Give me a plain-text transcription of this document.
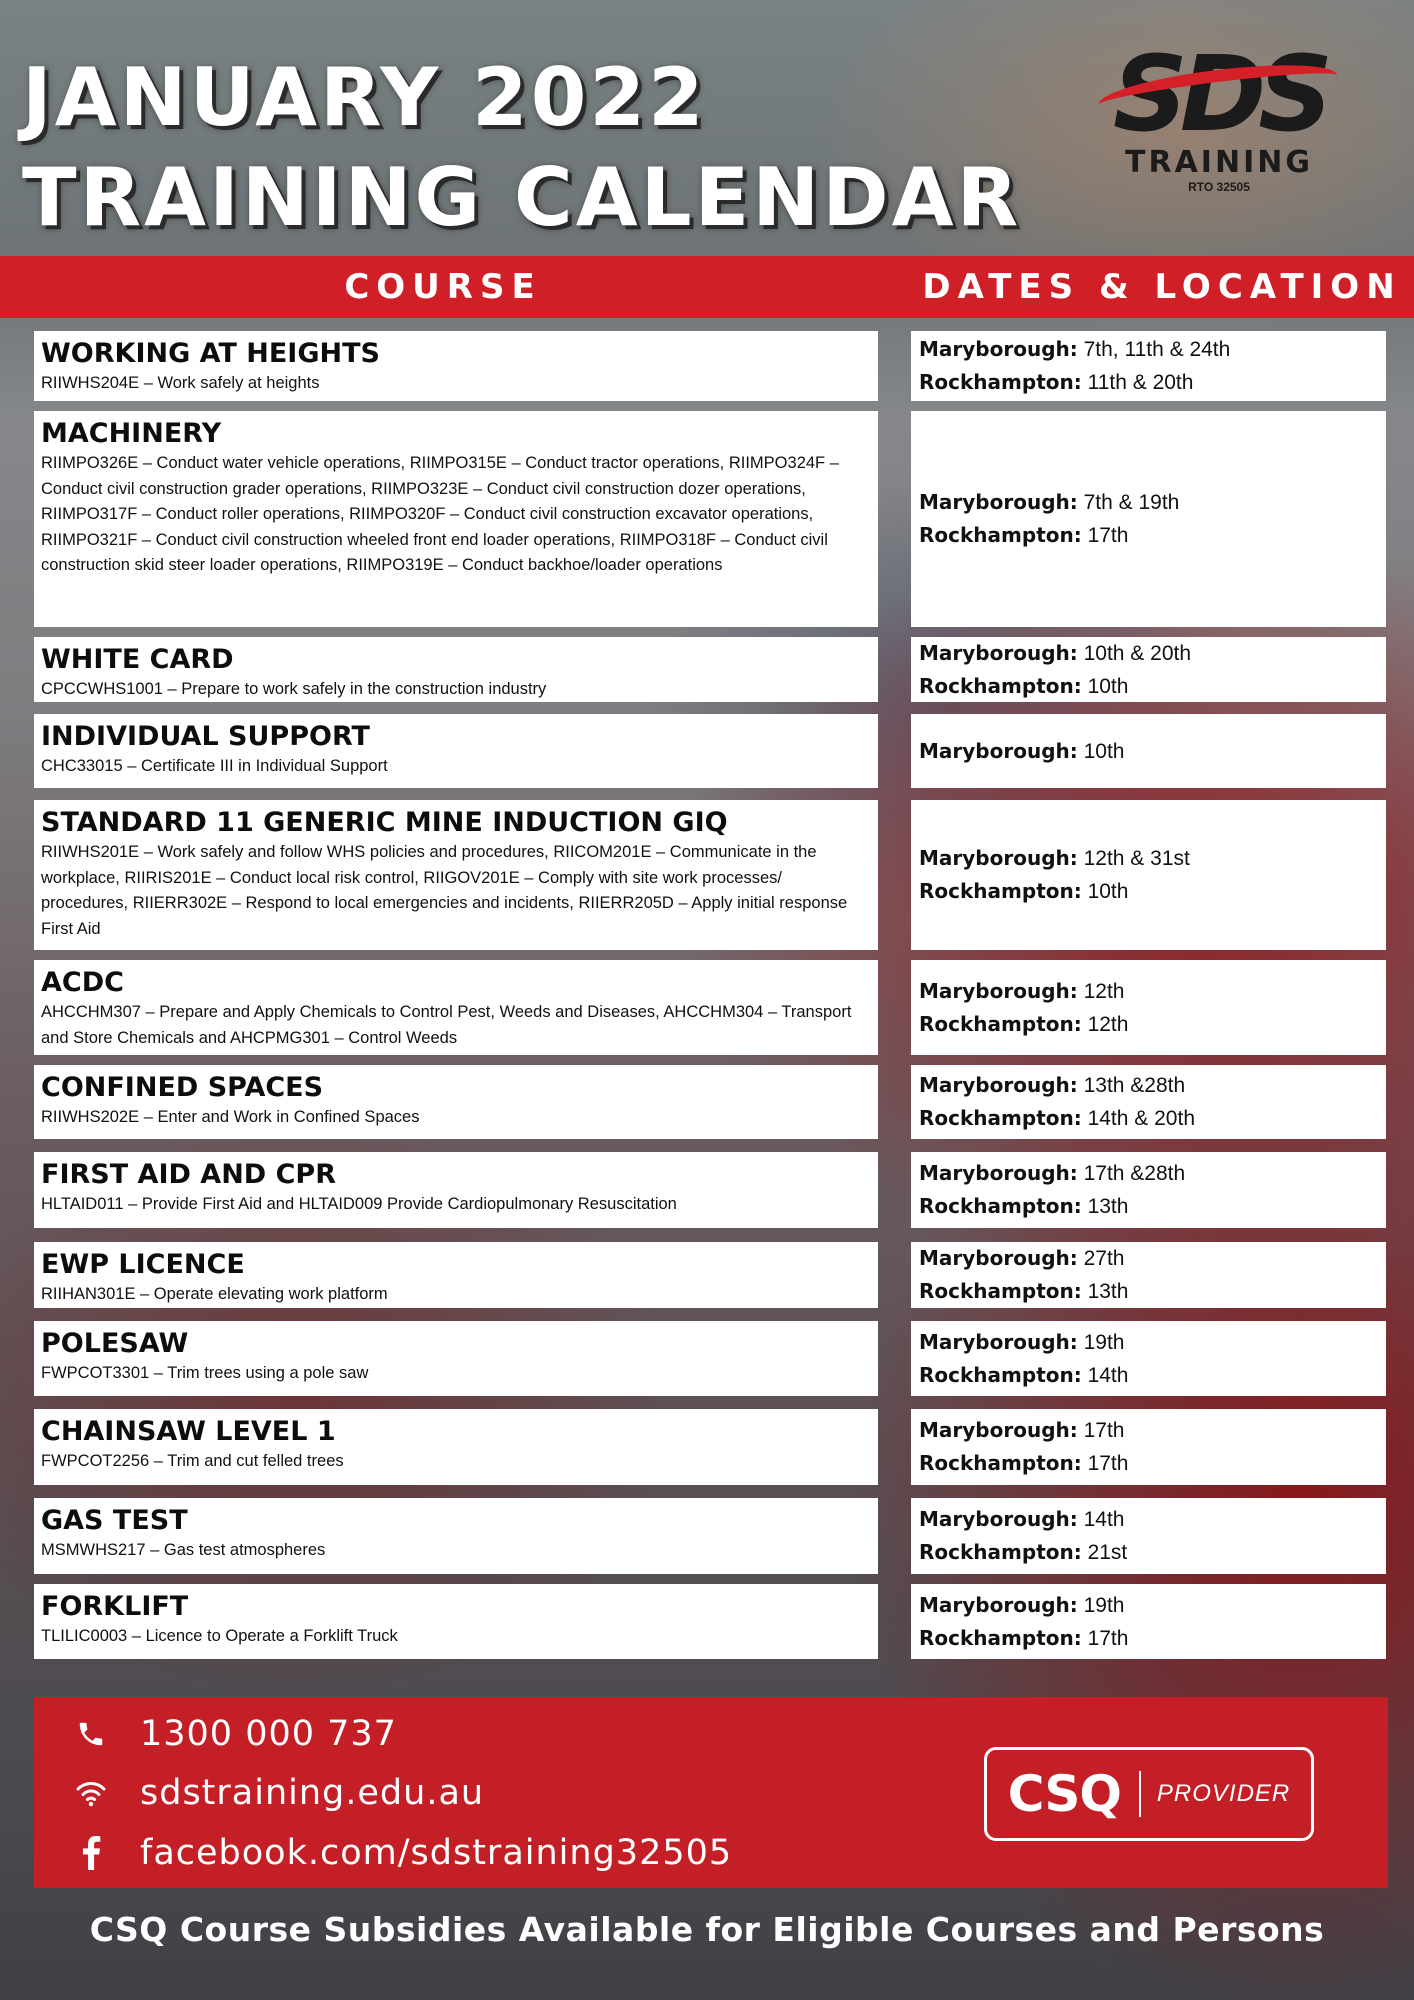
JANUARY 2022
TRAINING CALENDAR
SDS
TRAINING
RTO 32505
COURSE	DATES & LOCATION
WORKING AT HEIGHTS
RIIWHS204E – Work safely at heights
Maryborough: 7th, 11th & 24th
Rockhampton: 11th & 20th
MACHINERY
RIIMPO326E – Conduct water vehicle operations, RIIMPO315E – Conduct tractor operations, RIIMPO324F – Conduct civil construction grader operations, RIIMPO323E – Conduct civil construction dozer operations, RIIMPO317F – Conduct roller operations, RIIMPO320F – Conduct civil construction excavator operations, RIIMPO321F – Conduct civil construction wheeled front end loader operations, RIIMPO318F – Conduct civil construction skid steer loader operations, RIIMPO319E – Conduct backhoe/loader operations
Maryborough: 7th & 19th
Rockhampton: 17th
WHITE CARD
CPCCWHS1001 – Prepare to work safely in the construction industry
Maryborough: 10th & 20th
Rockhampton: 10th
INDIVIDUAL SUPPORT
CHC33015 – Certificate III in Individual Support
Maryborough: 10th
STANDARD 11 GENERIC MINE INDUCTION GIQ
RIIWHS201E – Work safely and follow WHS policies and procedures, RIICOM201E – Communicate in the workplace, RIIRIS201E – Conduct local risk control, RIIGOV201E – Comply with site work processes/ procedures, RIIERR302E – Respond to local emergencies and incidents, RIIERR205D – Apply initial response First Aid
Maryborough: 12th & 31st
Rockhampton: 10th
ACDC
AHCCHM307 – Prepare and Apply Chemicals to Control Pest, Weeds and Diseases, AHCCHM304 – Transport and Store Chemicals and AHCPMG301 – Control Weeds
Maryborough: 12th
Rockhampton: 12th
CONFINED SPACES
RIIWHS202E – Enter and Work in Confined Spaces
Maryborough: 13th &28th
Rockhampton: 14th & 20th
FIRST AID AND CPR
HLTAID011 – Provide First Aid and HLTAID009 Provide Cardiopulmonary Resuscitation
Maryborough: 17th &28th
Rockhampton: 13th
EWP LICENCE
RIIHAN301E – Operate elevating work platform
Maryborough: 27th
Rockhampton: 13th
POLESAW
FWPCOT3301 – Trim trees using a pole saw
Maryborough: 19th
Rockhampton: 14th
CHAINSAW LEVEL 1
FWPCOT2256 – Trim and cut felled trees
Maryborough: 17th
Rockhampton: 17th
GAS TEST
MSMWHS217 – Gas test atmospheres
Maryborough: 14th
Rockhampton: 21st
FORKLIFT
TLILIC0003 – Licence to Operate a Forklift Truck
Maryborough: 19th
Rockhampton: 17th
1300 000 737
sdstraining.edu.au
facebook.com/sdstraining32505
CSQ PROVIDER
CSQ Course Subsidies Available for Eligible Courses and Persons
